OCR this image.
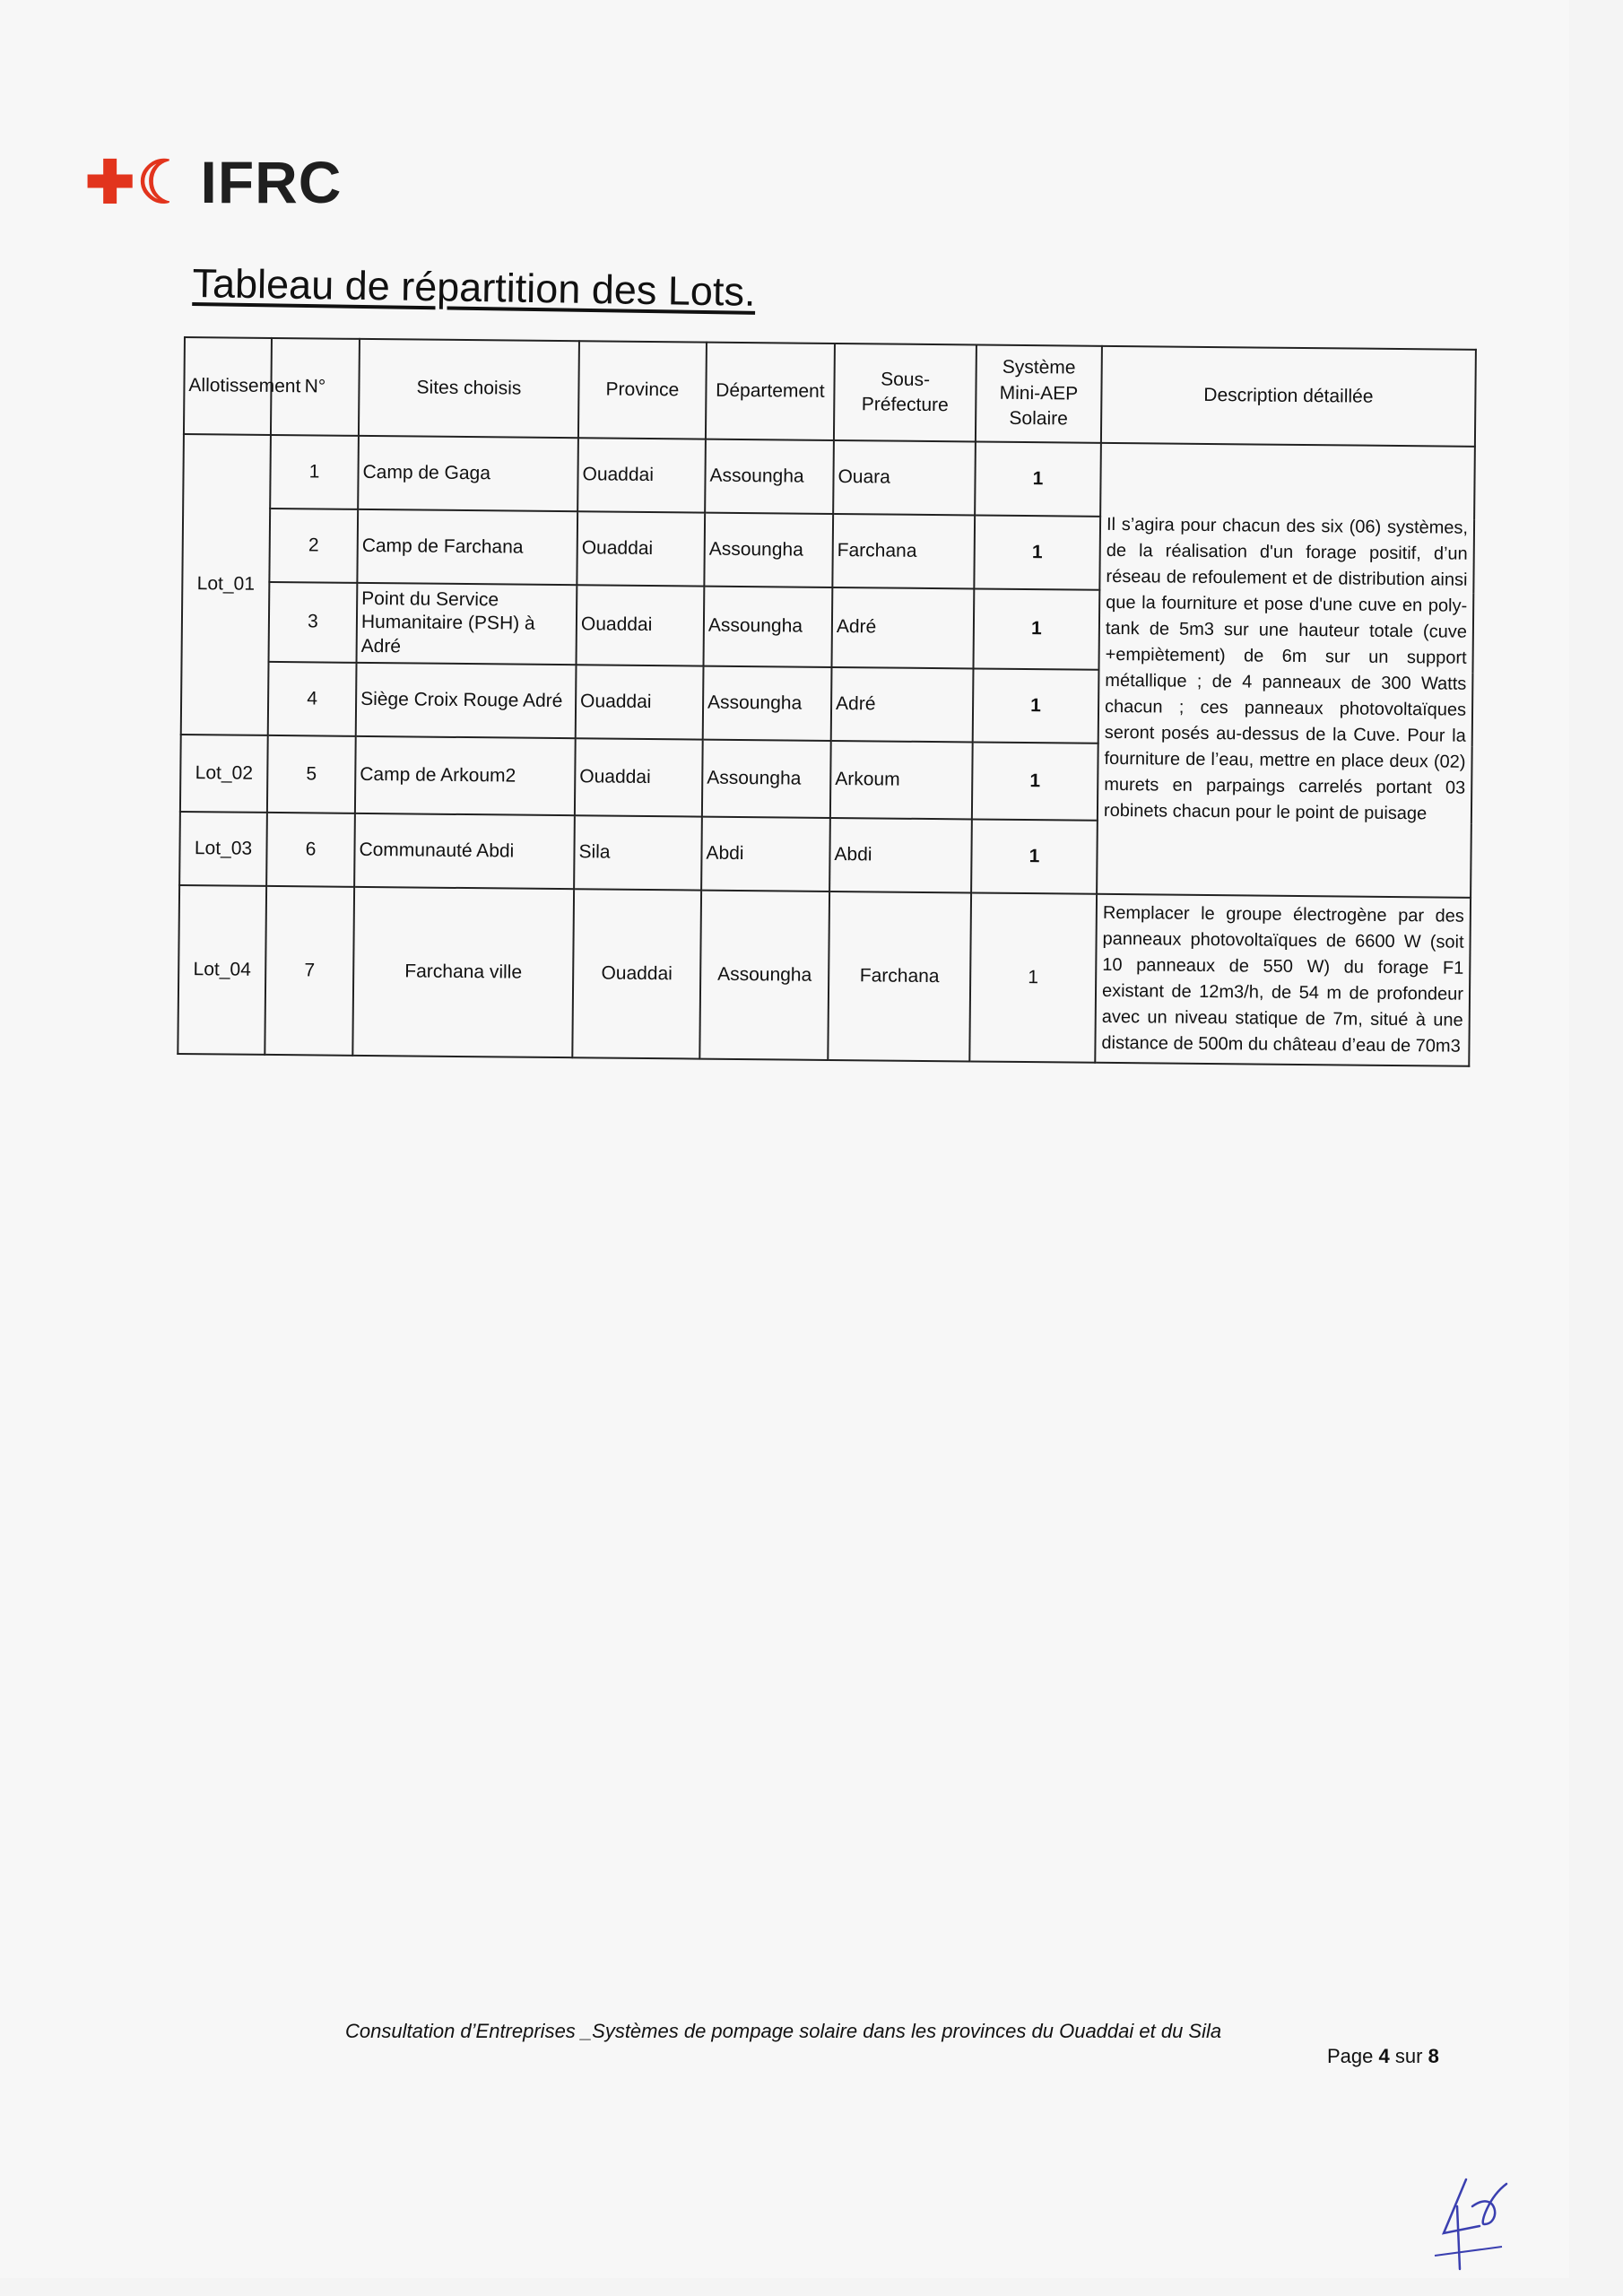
✚ ☾ IFRC
Tableau de répartition des Lots.
Allotissement	N°	Sites choisis	Province	Département	Sous-Préfecture	Système Mini-AEP Solaire	Description détaillée
Lot_01	1	Camp de Gaga	Ouaddai	Assoungha	Ouara	1	Il s’agira pour chacun des six (06) systèmes, de la réalisation d'un forage positif, d’un réseau de refoulement et de distribution ainsi que la fourniture et pose d'une cuve en poly-tank de 5m3 sur une hauteur totale (cuve +empiètement) de 6m sur un support métallique ; de 4 panneaux de 300 Watts chacun ; ces panneaux photovoltaïques seront posés au-dessus de la Cuve. Pour la fourniture de l’eau, mettre en place deux (02) murets en parpaings carrelés portant 03 robinets chacun pour le point de puisage
	2	Camp de Farchana	Ouaddai	Assoungha	Farchana	1	
	3	Point du Service Humanitaire (PSH) à Adré	Ouaddai	Assoungha	Adré	1	
	4	Siège Croix Rouge Adré	Ouaddai	Assoungha	Adré	1	
Lot_02	5	Camp de Arkoum2	Ouaddai	Assoungha	Arkoum	1	
Lot_03	6	Communauté Abdi	Sila	Abdi	Abdi	1	
Lot_04	7	Farchana ville	Ouaddai	Assoungha	Farchana	1	Remplacer le groupe électrogène par des panneaux photovoltaïques de 6600 W (soit 10 panneaux de 550 W) du forage F1 existant de 12m3/h, de 54 m de profondeur avec un niveau statique de 7m, situé à une distance de 500m du château d’eau de 70m3
Consultation d’Entreprises _Systèmes de pompage solaire dans les provinces du Ouaddai et du Sila
Page 4 sur 8
